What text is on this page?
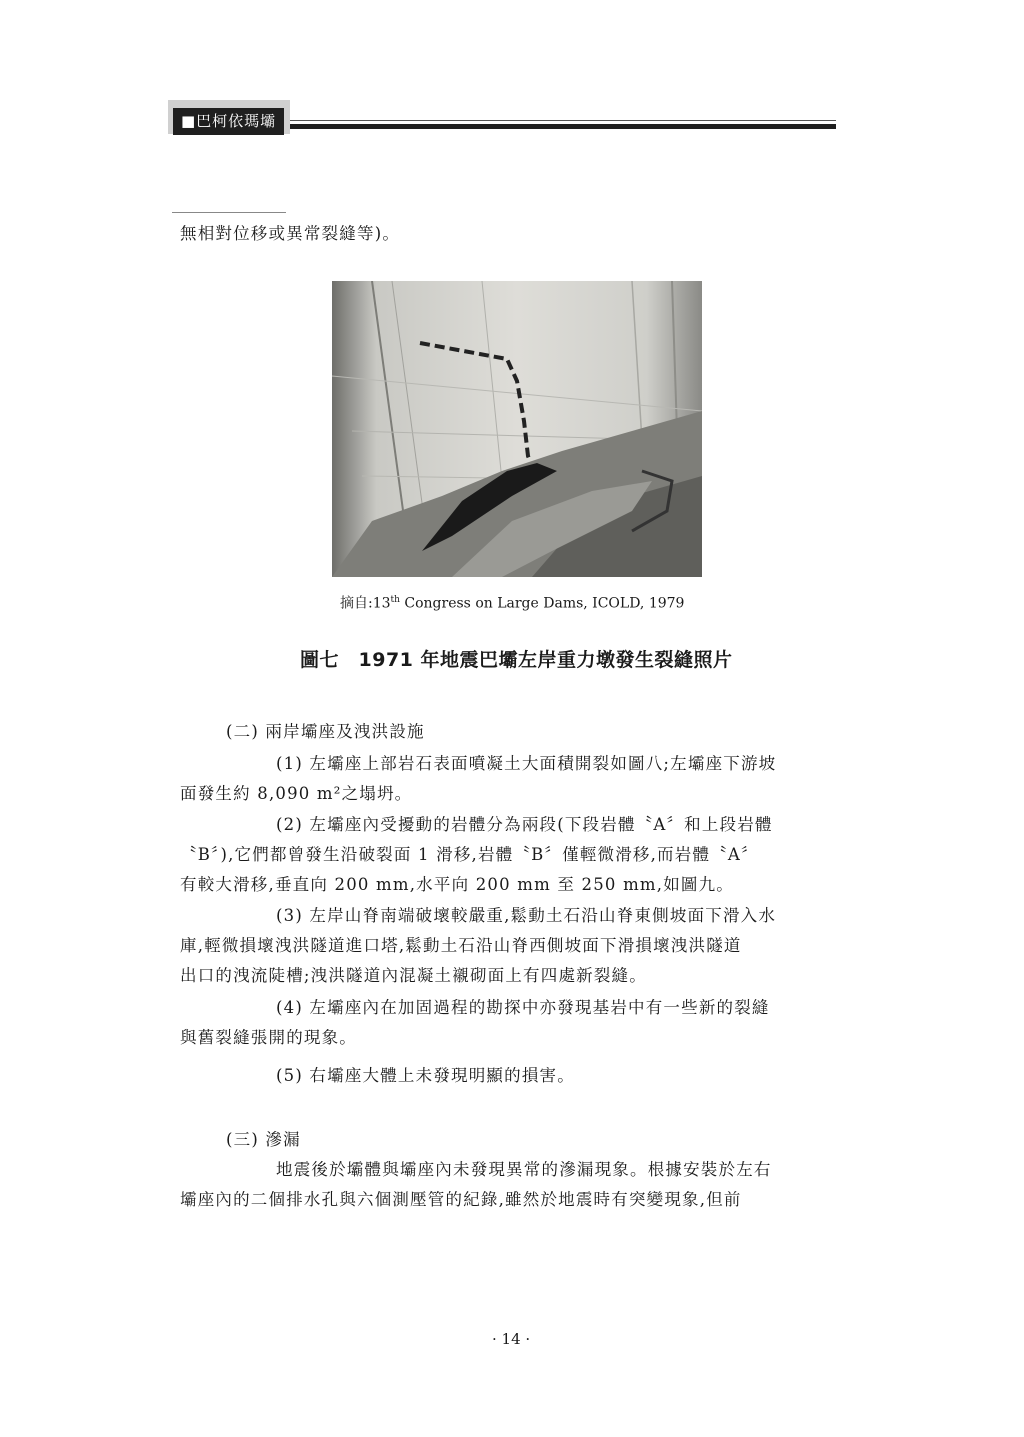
■巴柯依瑪壩
無相對位移或異常裂縫等)。
摘自:13th Congress on Large Dams, ICOLD, 1979
圖七　1971 年地震巴壩左岸重力墩發生裂縫照片
(二) 兩岸壩座及洩洪設施
(1) 左壩座上部岩石表面噴凝土大面積開裂如圖八;左壩座下游坡
面發生約 8,090 m²之塌坍。
(2) 左壩座內受擾動的岩體分為兩段(下段岩體〝A〞和上段岩體
〝B〞),它們都曾發生沿破裂面 1 滑移,岩體〝B〞僅輕微滑移,而岩體〝A〞
有較大滑移,垂直向 200 mm,水平向 200 mm 至 250 mm,如圖九。
(3) 左岸山脊南端破壞較嚴重,鬆動土石沿山脊東側坡面下滑入水
庫,輕微損壞洩洪隧道進口塔,鬆動土石沿山脊西側坡面下滑損壞洩洪隧道
出口的洩流陡槽;洩洪隧道內混凝土襯砌面上有四處新裂縫。
(4) 左壩座內在加固過程的勘探中亦發現基岩中有一些新的裂縫
與舊裂縫張開的現象。
(5) 右壩座大體上未發現明顯的損害。
(三) 滲漏
地震後於壩體與壩座內未發現異常的滲漏現象。根據安裝於左右
壩座內的二個排水孔與六個測壓管的紀錄,雖然於地震時有突變現象,但前
· 14 ·
